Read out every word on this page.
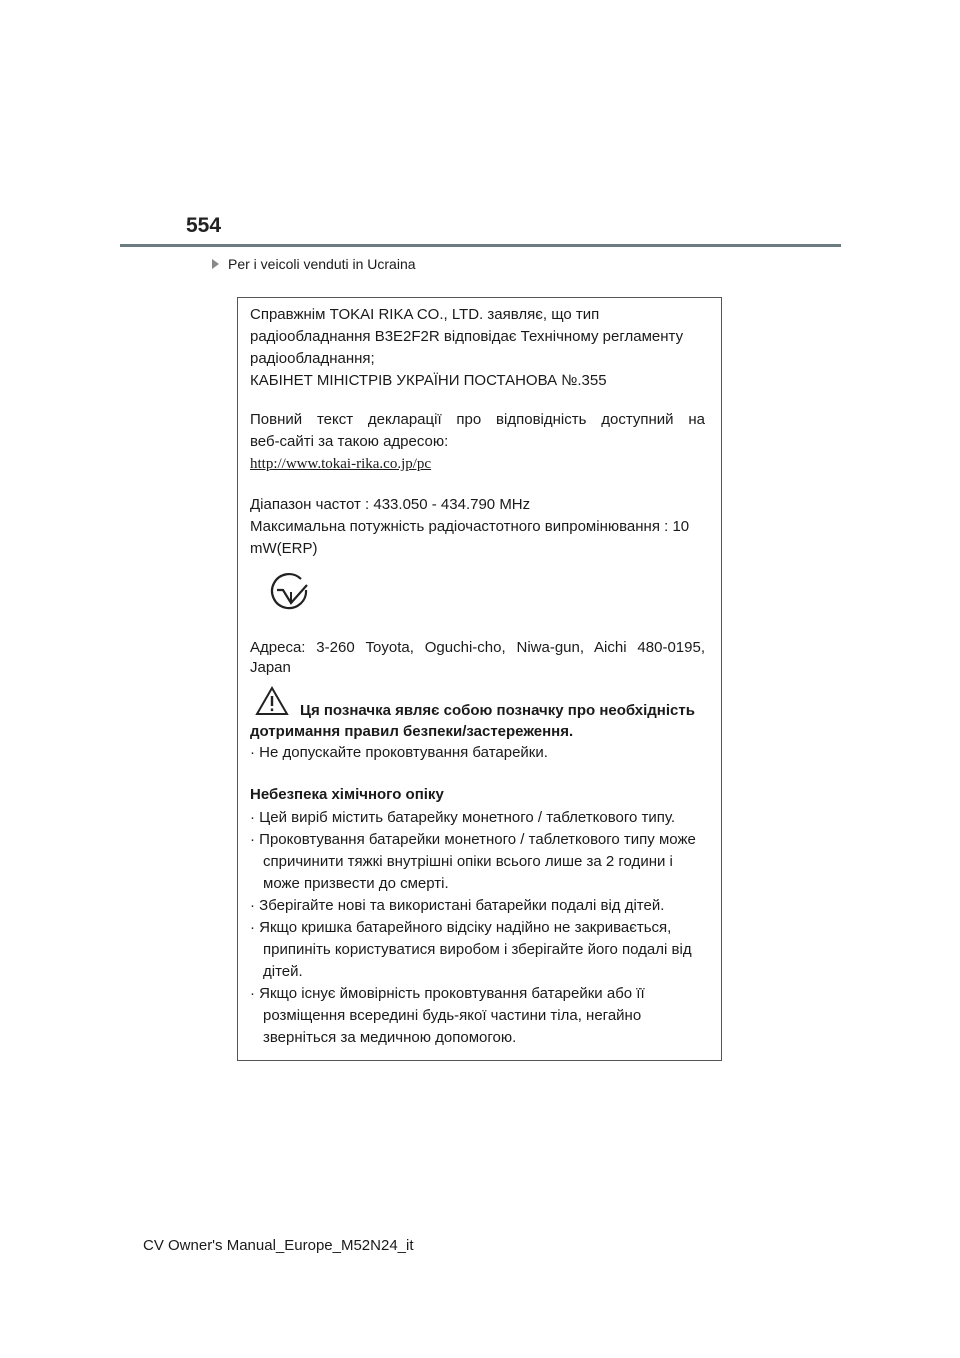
554
Per i veicoli venduti in Ucraina
Справжнім TOKAI RIKA CO., LTD. заявляє, що тип
радіообладнання B3E2F2R відповідає Технічному регламенту
радіообладнання;
КАБІНЕТ МІНІСТРІВ УКРАЇНИ ПОСТАНОВА №.355
Повний текст декларації про відповідність доступний на
веб-сайті за такою адресою:
http://www.tokai-rika.co.jp/pc
Діапазон частот : 433.050 - 434.790 MHz
Максимальна потужність радіочастотного випромінювання : 10
mW(ERP)
Адреса: 3-260 Toyota, Oguchi-cho, Niwa-gun, Aichi 480-0195,
Japan
Ця позначка являє собою позначку про необхідність
дотримання правил безпеки/застереження.
· Не допускайте проковтування батарейки.
Небезпека хімічного опіку
· Цей виріб містить батарейку монетного / таблеткового типу.
· Проковтування батарейки монетного / таблеткового типу може
спричинити тяжкі внутрішні опіки всього лише за 2 години і
може призвести до смерті.
· Зберігайте нові та використані батарейки подалі від дітей.
· Якщо кришка батарейного відсіку надійно не закривається,
припиніть користуватися виробом і зберігайте його подалі від
дітей.
· Якщо існує ймовірність проковтування батарейки або її
розміщення всередині будь-якої частини тіла, негайно
зверніться за медичною допомогою.
CV Owner's Manual_Europe_M52N24_it
